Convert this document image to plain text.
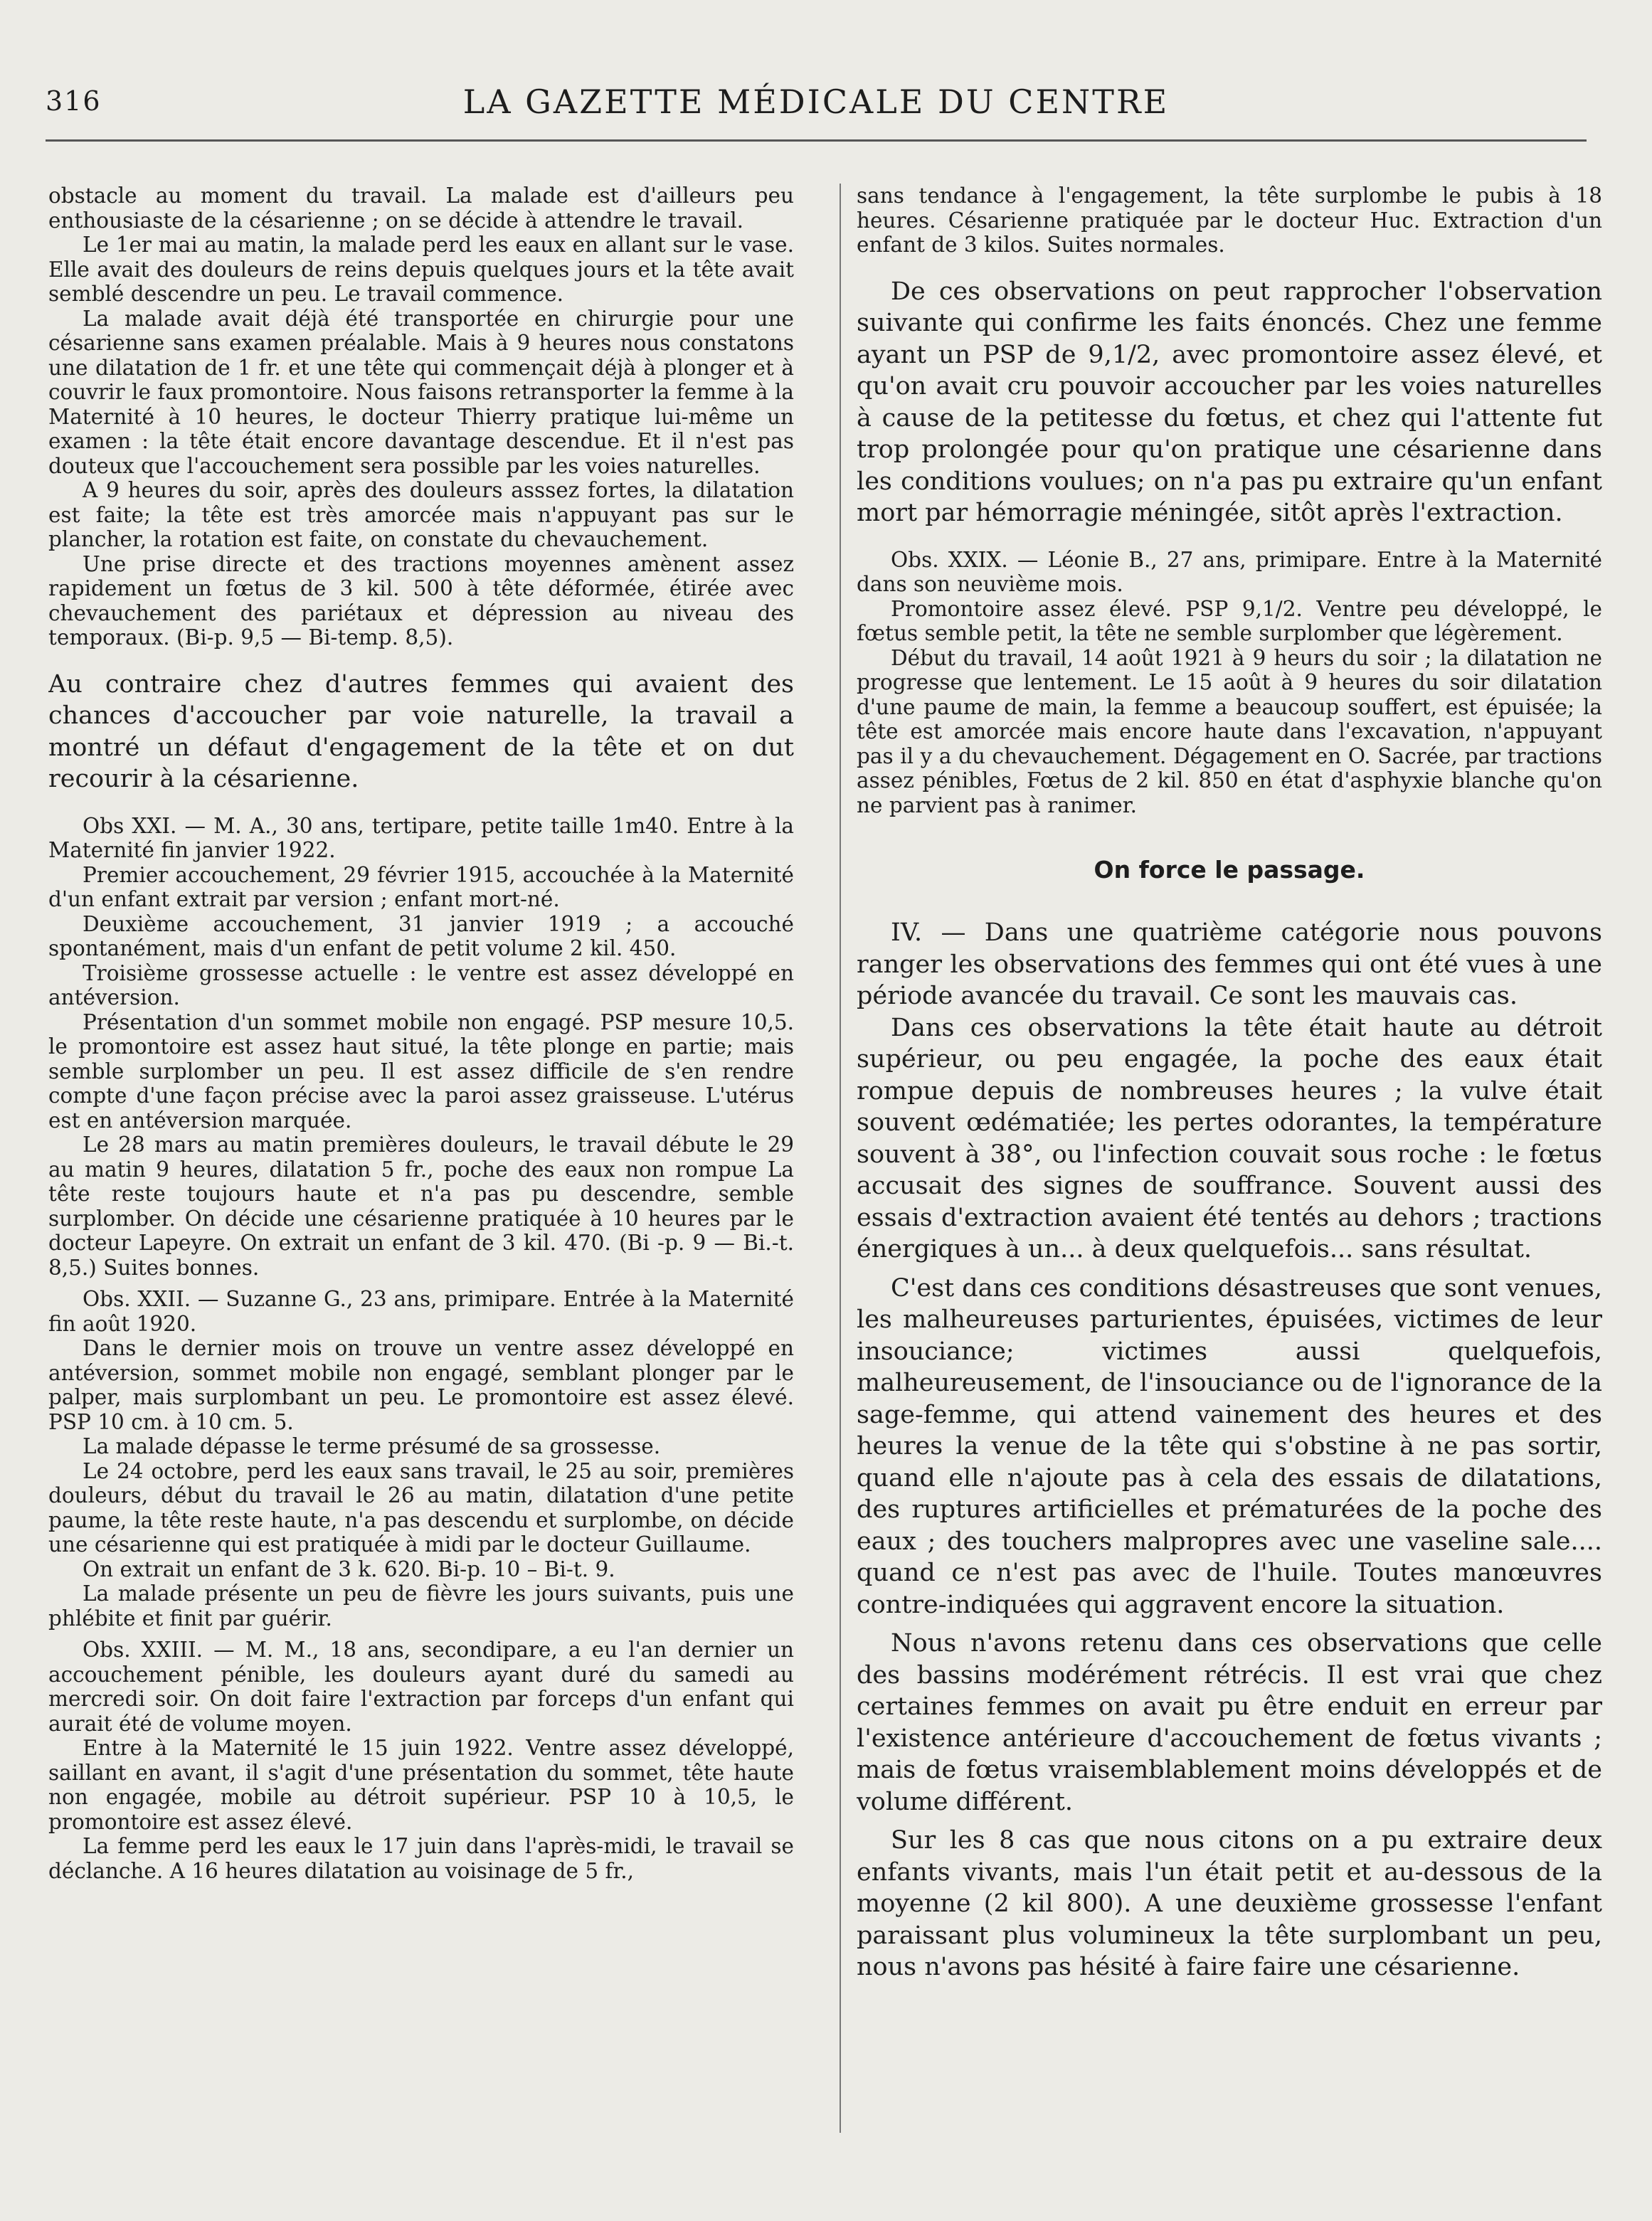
316	LA GAZETTE MÉDICALE DU CENTRE

obstacle au moment du travail. La malade est d'ailleurs peu enthousiaste de la césarienne ; on se décide à attendre le travail.

Le 1er mai au matin, la malade perd les eaux en allant sur le vase. Elle avait des douleurs de reins depuis quelques jours et la tête avait semblé descendre un peu. Le travail commence.

La malade avait déjà été transportée en chirurgie pour une césarienne sans examen préalable. Mais à 9 heures nous constatons une dilatation de 1 fr. et une tête qui commençait déjà à plonger et à couvrir le faux promontoire. Nous faisons retransporter la femme à la Maternité à 10 heures, le docteur Thierry pratique lui-même un examen : la tête était encore davantage descendue. Et il n'est pas douteux que l'accouchement sera possible par les voies naturelles.

A 9 heures du soir, après des douleurs asssez fortes, la dilatation est faite; la tête est très amorcée mais n'appuyant pas sur le plancher, la rotation est faite, on constate du chevauchement.

Une prise directe et des tractions moyennes amènent assez rapidement un fœtus de 3 kil. 500 à tête déformée, étirée avec chevauchement des pariétaux et dépression au niveau des temporaux. (Bi-p. 9,5 — Bi-temp. 8,5).

Au contraire chez d'autres femmes qui avaient des chances d'accoucher par voie naturelle, la travail a montré un défaut d'engagement de la tête et on dut recourir à la césarienne.

Obs XXI. — M. A., 30 ans, tertipare, petite taille 1m40. Entre à la Maternité fin janvier 1922.

Premier accouchement, 29 février 1915, accouchée à la Maternité d'un enfant extrait par version ; enfant mort-né.

Deuxième accouchement, 31 janvier 1919 ; a accouché spontanément, mais d'un enfant de petit volume 2 kil. 450.

Troisième grossesse actuelle : le ventre est assez développé en antéversion.

Présentation d'un sommet mobile non engagé. PSP mesure 10,5. le promontoire est assez haut situé, la tête plonge en partie; mais semble surplomber un peu. Il est assez difficile de s'en rendre compte d'une façon précise avec la paroi assez graisseuse. L'utérus est en antéversion marquée.

Le 28 mars au matin premières douleurs, le travail débute le 29 au matin 9 heures, dilatation 5 fr., poche des eaux non rompue La tête reste toujours haute et n'a pas pu descendre, semble surplomber. On décide une césarienne pratiquée à 10 heures par le docteur Lapeyre. On extrait un enfant de 3 kil. 470. (Bi -p. 9 — Bi.-t. 8,5.) Suites bonnes.

Obs. XXII. — Suzanne G., 23 ans, primipare. Entrée à la Maternité fin août 1920.

Dans le dernier mois on trouve un ventre assez développé en antéversion, sommet mobile non engagé, semblant plonger par le palper, mais surplombant un peu. Le promontoire est assez élevé. PSP 10 cm. à 10 cm. 5.

La malade dépasse le terme présumé de sa grossesse.

Le 24 octobre, perd les eaux sans travail, le 25 au soir, premières douleurs, début du travail le 26 au matin, dilatation d'une petite paume, la tête reste haute, n'a pas descendu et surplombe, on décide une césarienne qui est pratiquée à midi par le docteur Guillaume.

On extrait un enfant de 3 k. 620. Bi-p. 10 – Bi-t. 9.

La malade présente un peu de fièvre les jours suivants, puis une phlébite et finit par guérir.

Obs. XXIII. — M. M., 18 ans, secondipare, a eu l'an dernier un accouchement pénible, les douleurs ayant duré du samedi au mercredi soir. On doit faire l'extraction par forceps d'un enfant qui aurait été de volume moyen.

Entre à la Maternité le 15 juin 1922. Ventre assez développé, saillant en avant, il s'agit d'une présentation du sommet, tête haute non engagée, mobile au détroit supérieur. PSP 10 à 10,5, le promontoire est assez élevé.

La femme perd les eaux le 17 juin dans l'après-midi, le travail se déclanche. A 16 heures dilatation au voisinage de 5 fr.,

sans tendance à l'engagement, la tête surplombe le pubis à 18 heures. Césarienne pratiquée par le docteur Huc. Extraction d'un enfant de 3 kilos. Suites normales.

De ces observations on peut rapprocher l'observation suivante qui confirme les faits énoncés. Chez une femme ayant un PSP de 9,1/2, avec promontoire assez élevé, et qu'on avait cru pouvoir accoucher par les voies naturelles à cause de la petitesse du fœtus, et chez qui l'attente fut trop prolongée pour qu'on pratique une césarienne dans les conditions voulues; on n'a pas pu extraire qu'un enfant mort par hémorragie méningée, sitôt après l'extraction.

Obs. XXIX. — Léonie B., 27 ans, primipare. Entre à la Maternité dans son neuvième mois.

Promontoire assez élevé. PSP 9,1/2. Ventre peu développé, le fœtus semble petit, la tête ne semble surplomber que légèrement.

Début du travail, 14 août 1921 à 9 heurs du soir ; la dilatation ne progresse que lentement. Le 15 août à 9 heures du soir dilatation d'une paume de main, la femme a beaucoup souffert, est épuisée; la tête est amorcée mais encore haute dans l'excavation, n'appuyant pas il y a du chevauchement. Dégagement en O. Sacrée, par tractions assez pénibles, Fœtus de 2 kil. 850 en état d'asphyxie blanche qu'on ne parvient pas à ranimer.

On force le passage.

IV. — Dans une quatrième catégorie nous pouvons ranger les observations des femmes qui ont été vues à une période avancée du travail. Ce sont les mauvais cas.

Dans ces observations la tête était haute au détroit supérieur, ou peu engagée, la poche des eaux était rompue depuis de nombreuses heures ; la vulve était souvent œdématiée; les pertes odorantes, la température souvent à 38°, ou l'infection couvait sous roche : le fœtus accusait des signes de souffrance. Souvent aussi des essais d'extraction avaient été tentés au dehors ; tractions énergiques à un... à deux quelquefois... sans résultat.

C'est dans ces conditions désastreuses que sont venues, les malheureuses parturientes, épuisées, victimes de leur insouciance; victimes aussi quelquefois, malheureusement, de l'insouciance ou de l'ignorance de la sage-femme, qui attend vainement des heures et des heures la venue de la tête qui s'obstine à ne pas sortir, quand elle n'ajoute pas à cela des essais de dilatations, des ruptures artificielles et prématurées de la poche des eaux ; des touchers malpropres avec une vaseline sale.... quand ce n'est pas avec de l'huile. Toutes manœuvres contre-indiquées qui aggravent encore la situation.

Nous n'avons retenu dans ces observations que celle des bassins modérément rétrécis. Il est vrai que chez certaines femmes on avait pu être enduit en erreur par l'existence antérieure d'accouchement de fœtus vivants ; mais de fœtus vraisemblablement moins développés et de volume différent.

Sur les 8 cas que nous citons on a pu extraire deux enfants vivants, mais l'un était petit et au-dessous de la moyenne (2 kil 800). A une deuxième grossesse l'enfant paraissant plus volumineux la tête surplombant un peu, nous n'avons pas hésité à faire faire une césarienne.
